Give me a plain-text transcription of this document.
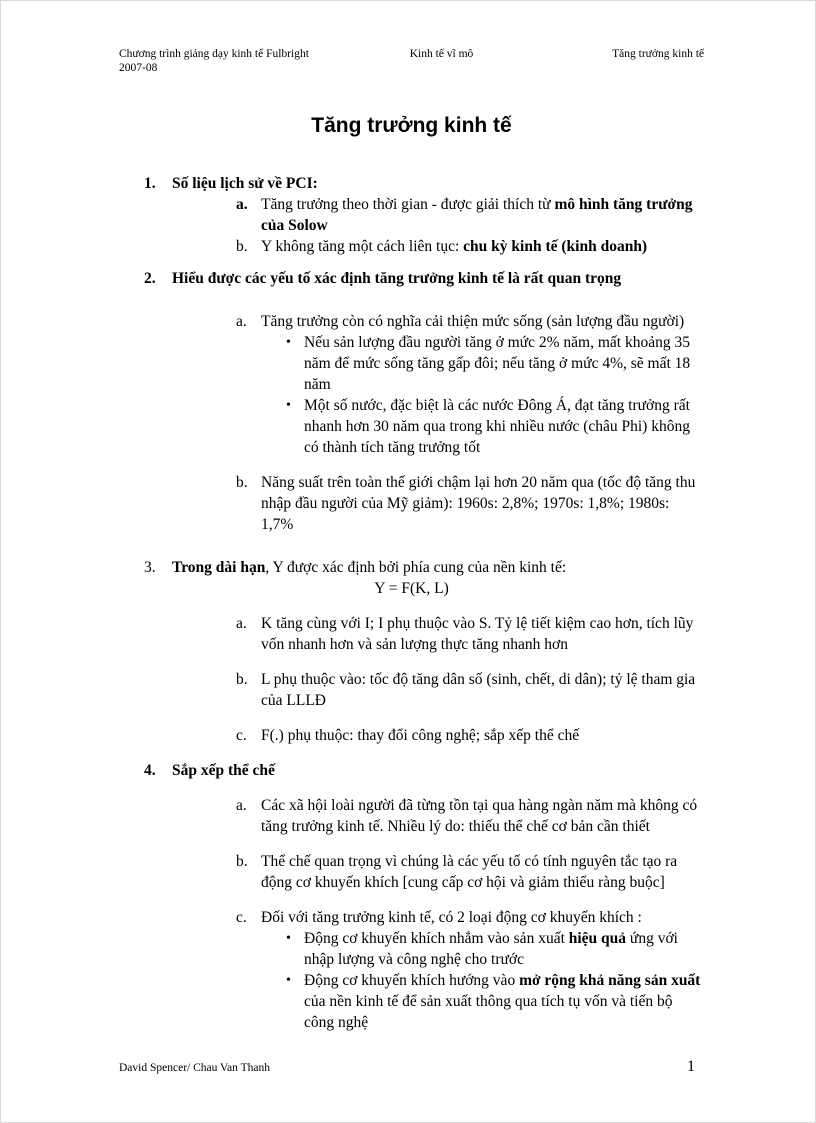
Chương trình giảng dạy kinh tế Fulbright
2007-08
Kinh tế vĩ mô	Tăng trưởng kinh tế
Tăng trưởng kinh tế
1.	Số liệu lịch sử về PCI:
a. Tăng trưởng theo thời gian - được giải thích từ mô hình tăng trưởng của Solow
b. Y không tăng một cách liên tục: chu kỳ kinh tế (kinh doanh)
2.	Hiểu được các yếu tố xác định tăng trưởng kinh tế là rất quan trọng
a. Tăng trưởng còn có nghĩa cải thiện mức sống (sản lượng đầu người)
• Nếu sản lượng đầu người tăng ở mức 2% năm, mất khoảng 35 năm để mức sống tăng gấp đôi; nếu tăng ở mức 4%, sẽ mất 18 năm
• Một số nước, đặc biệt là các nước Đông Á, đạt tăng trưởng rất nhanh hơn 30 năm qua trong khi nhiều nước (châu Phi) không có thành tích tăng trưởng tốt
b. Năng suất trên toàn thế giới chậm lại hơn 20 năm qua (tốc độ tăng thu nhập đầu người của Mỹ giảm): 1960s: 2,8%; 1970s: 1,8%; 1980s: 1,7%
3.	Trong dài hạn, Y được xác định bởi phía cung của nền kinh tế:
Y = F(K, L)
a. K tăng cùng với I; I phụ thuộc vào S. Tỷ lệ tiết kiệm cao hơn, tích lũy vốn nhanh hơn và sản lượng thực tăng nhanh hơn
b. L phụ thuộc vào: tốc độ tăng dân số (sinh, chết, di dân); tỷ lệ tham gia của LLLĐ
c. F(.) phụ thuộc: thay đổi công nghệ; sắp xếp thể chế
4.	Sắp xếp thể chế
a. Các xã hội loài người đã từng tồn tại qua hàng ngàn năm mà không có tăng trưởng kinh tế. Nhiều lý do: thiếu thể chế cơ bản cần thiết
b. Thể chế quan trọng vì chúng là các yếu tố có tính nguyên tắc tạo ra động cơ khuyến khích [cung cấp cơ hội và giảm thiểu ràng buộc]
c. Đối với tăng trưởng kinh tế, có 2 loại động cơ khuyến khích :
• Động cơ khuyến khích nhắm vào sản xuất hiệu quả ứng với nhập lượng và công nghệ cho trước
• Động cơ khuyến khích hướng vào mở rộng khả năng sản xuất của nền kinh tế để sản xuất thông qua tích tụ vốn và tiến bộ công nghệ
David Spencer/ Chau Van Thanh	1
